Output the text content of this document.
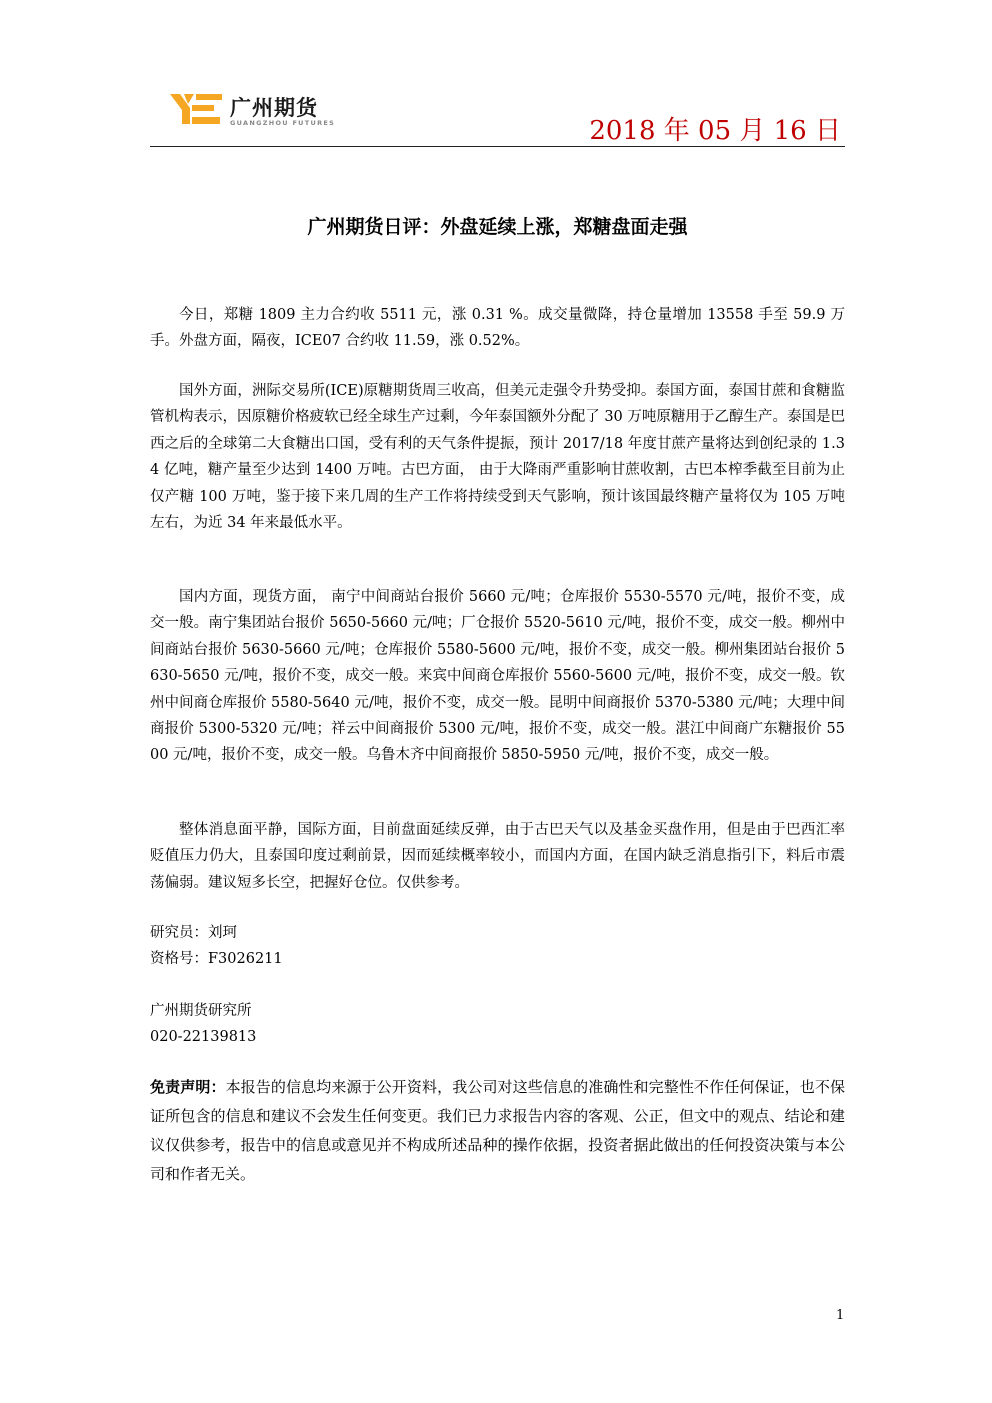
广州期货
GUANGZHOU FUTURES	2018 年 05 月 16 日
广州期货日评：外盘延续上涨，郑糖盘面走强

今日，郑糖 1809 主力合约收 5511 元，涨 0.31 %。成交量微降，持仓量增加 13558 手至 59.9 万手。外盘方面，隔夜，ICE07 合约收 11.59，涨 0.52%。

国外方面，洲际交易所(ICE)原糖期货周三收高，但美元走强令升势受抑。泰国方面，泰国甘蔗和食糖监管机构表示，因原糖价格疲软已经全球生产过剩，今年泰国额外分配了 30 万吨原糖用于乙醇生产。泰国是巴西之后的全球第二大食糖出口国，受有利的天气条件提振，预计 2017/18 年度甘蔗产量将达到创纪录的 1.34 亿吨，糖产量至少达到 1400 万吨。古巴方面， 由于大降雨严重影响甘蔗收割，古巴本榨季截至目前为止仅产糖 100 万吨，鉴于接下来几周的生产工作将持续受到天气影响，预计该国最终糖产量将仅为 105 万吨左右，为近 34 年来最低水平。

国内方面，现货方面， 南宁中间商站台报价 5660 元/吨；仓库报价 5530-5570 元/吨，报价不变，成交一般。南宁集团站台报价 5650-5660 元/吨；厂仓报价 5520-5610 元/吨，报价不变，成交一般。柳州中间商站台报价 5630-5660 元/吨；仓库报价 5580-5600 元/吨，报价不变，成交一般。柳州集团站台报价 5630-5650 元/吨，报价不变，成交一般。来宾中间商仓库报价 5560-5600 元/吨，报价不变，成交一般。钦州中间商仓库报价 5580-5640 元/吨，报价不变，成交一般。昆明中间商报价 5370-5380 元/吨；大理中间商报价 5300-5320 元/吨；祥云中间商报价 5300 元/吨，报价不变，成交一般。湛江中间商广东糖报价 5500 元/吨，报价不变，成交一般。乌鲁木齐中间商报价 5850-5950 元/吨，报价不变，成交一般。

整体消息面平静，国际方面，目前盘面延续反弹，由于古巴天气以及基金买盘作用，但是由于巴西汇率贬值压力仍大，且泰国印度过剩前景，因而延续概率较小，而国内方面，在国内缺乏消息指引下，料后市震荡偏弱。建议短多长空，把握好仓位。仅供参考。

研究员：刘珂
资格号：F3026211
广州期货研究所
020-22139813

免责声明：本报告的信息均来源于公开资料，我公司对这些信息的准确性和完整性不作任何保证，也不保证所包含的信息和建议不会发生任何变更。我们已力求报告内容的客观、公正，但文中的观点、结论和建议仅供参考，报告中的信息或意见并不构成所述品种的操作依据，投资者据此做出的任何投资决策与本公司和作者无关。

1
